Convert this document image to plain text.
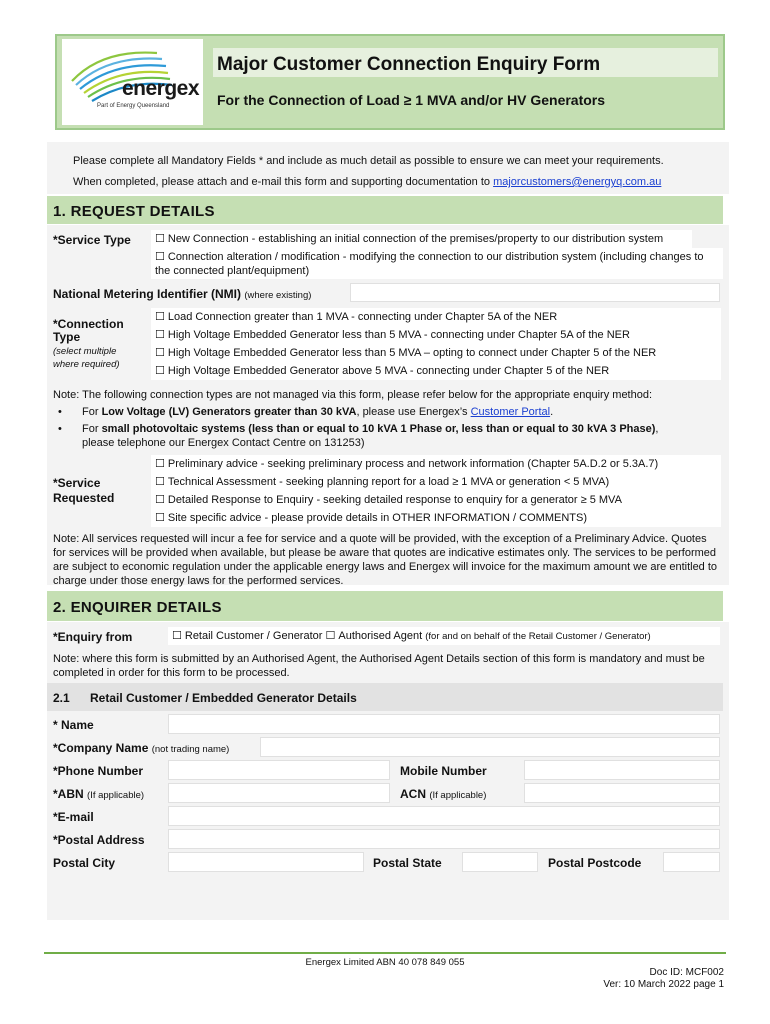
energex
Part of Energy Queensland
Major Customer Connection Enquiry Form
For the Connection of Load ≥ 1 MVA and/or HV Generators
Please complete all Mandatory Fields * and include as much detail as possible to ensure we can meet your requirements.
When completed, please attach and e-mail this form and supporting documentation to majorcustomers@energyq.com.au
1. REQUEST DETAILS
*Service Type	☐ New Connection - establishing an initial connection of the premises/property to our distribution system
☐ Connection alteration / modification - modifying the connection to our distribution system (including changes to the connected plant/equipment)
National Metering Identifier (NMI) (where existing)
*Connection Type
(select multiple where required)
☐ Load Connection greater than 1 MVA - connecting under Chapter 5A of the NER
☐ High Voltage Embedded Generator less than 5 MVA - connecting under Chapter 5A of the NER
☐ High Voltage Embedded Generator less than 5 MVA – opting to connect under Chapter 5 of the NER
☐ High Voltage Embedded Generator above 5 MVA - connecting under Chapter 5 of the NER
Note: The following connection types are not managed via this form, please refer below for the appropriate enquiry method:
• For Low Voltage (LV) Generators greater than 30 kVA, please use Energex’s Customer Portal.
• For small photovoltaic systems (less than or equal to 10 kVA 1 Phase or, less than or equal to 30 kVA 3 Phase),
please telephone our Energex Contact Centre on 131253)
*Service Requested
☐ Preliminary advice - seeking preliminary process and network information (Chapter 5A.D.2 or 5.3A.7)
☐ Technical Assessment - seeking planning report for a load ≥ 1 MVA or generation < 5 MVA)
☐ Detailed Response to Enquiry - seeking detailed response to enquiry for a generator ≥ 5 MVA
☐ Site specific advice - please provide details in OTHER INFORMATION / COMMENTS)
Note: All services requested will incur a fee for service and a quote will be provided, with the exception of a Preliminary Advice. Quotes for services will be provided when available, but please be aware that quotes are indicative estimates only. The services to be performed are subject to economic regulation under the applicable energy laws and Energex will invoice for the maximum amount we are entitled to charge under those energy laws for the performed services.
2. ENQUIRER DETAILS
*Enquiry from	☐ Retail Customer / Generator ☐ Authorised Agent (for and on behalf of the Retail Customer / Generator)
Note: where this form is submitted by an Authorised Agent, the Authorised Agent Details section of this form is mandatory and must be completed in order for this form to be processed.
2.1 Retail Customer / Embedded Generator Details
* Name
*Company Name (not trading name)
*Phone Number	Mobile Number
*ABN (If applicable)	ACN (If applicable)
*E-mail
*Postal Address
Postal City	Postal State	Postal Postcode
Energex Limited ABN 40 078 849 055
Doc ID: MCF002
Ver: 10 March 2022 page 1
